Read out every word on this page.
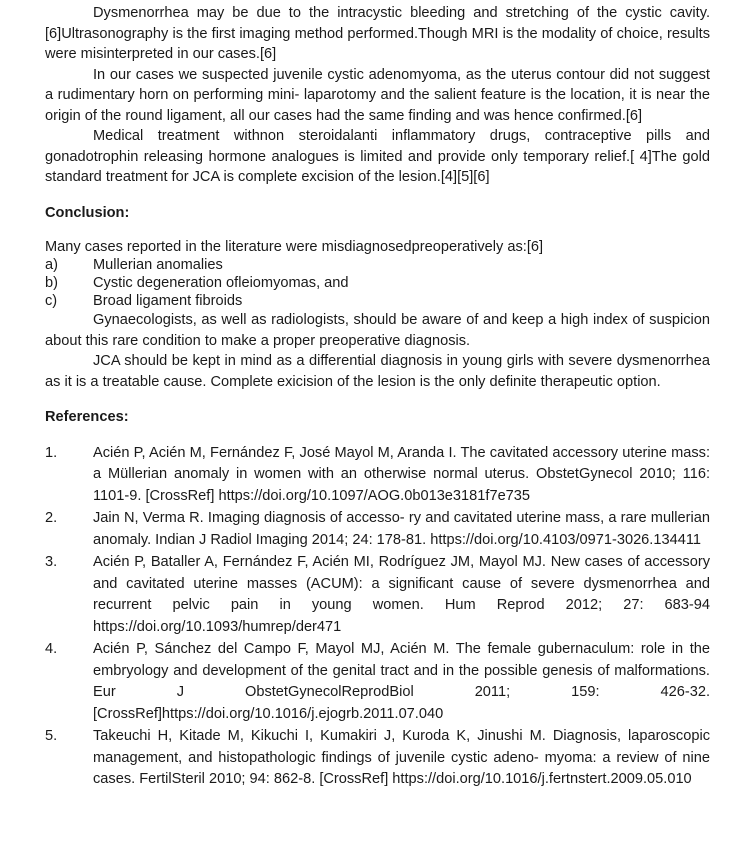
Dysmenorrhea may be due to the intracystic bleeding and stretching of the cystic cavity.[6]Ultrasonography is the first imaging method performed.Though MRI is the modality of choice, results were misinterpreted in our cases.[6]

In our cases we suspected juvenile cystic adenomyoma, as the uterus contour did not suggest a rudimentary horn on performing mini- laparotomy and the salient feature is the location, it is near the origin of the round ligament, all our cases had the same finding and was hence confirmed.[6]

Medical treatment withnon steroidalanti inflammatory drugs, contraceptive pills and gonadotrophin releasing hormone analogues is limited and provide only temporary relief.[ 4]The gold standard treatment for JCA is complete excision of the lesion.[4][5][6]

Conclusion:

Many cases reported in the literature were misdiagnosedpreoperatively as:[6]

a)	Mullerian anomalies
b)	Cystic degeneration ofleiomyomas, and
c)	Broad ligament fibroids

Gynaecologists, as well as radiologists, should be aware of and keep a high index of suspicion about this rare condition to make a proper preoperative diagnosis.

JCA should be kept in mind as a differential diagnosis in young girls with severe dysmenorrhea as it is a treatable cause. Complete exicision of the lesion is the only definite therapeutic option.

References:
1.	Acién P, Acién M, Fernández F, José Mayol M, Aranda I. The cavitated accessory uterine mass: a Müllerian anomaly in women with an otherwise normal uterus. ObstetGynecol 2010; 116: 1101-9. [CrossRef] https://doi.org/10.1097/AOG.0b013e3181f7e735
2.	Jain N, Verma R. Imaging diagnosis of accesso- ry and cavitated uterine mass, a rare mullerian anomaly. Indian J Radiol Imaging 2014; 24: 178-81. https://doi.org/10.4103/0971-3026.134411
3.	Acién P, Bataller A, Fernández F, Acién MI, Rodríguez JM, Mayol MJ. New cases of accessory and cavitated uterine masses (ACUM): a significant cause of severe dysmenorrhea and recurrent pelvic pain in young women. Hum Reprod 2012; 27: 683-94 https://doi.org/10.1093/humrep/der471
4.	Acién P, Sánchez del Campo F, Mayol MJ, Acién M. The female gubernaculum: role in the embryology and development of the genital tract and in the possible genesis of malformations. Eur J ObstetGynecolReprodBiol 2011; 159: 426-32. [CrossRef]https://doi.org/10.1016/j.ejogrb.2011.07.040
5.	Takeuchi H, Kitade M, Kikuchi I, Kumakiri J, Kuroda K, Jinushi M. Diagnosis, laparoscopic management, and histopathologic findings of juvenile cystic adeno- myoma: a review of nine cases. FertilSteril 2010; 94: 862-8. [CrossRef] https://doi.org/10.1016/j.fertnstert.2009.05.010
